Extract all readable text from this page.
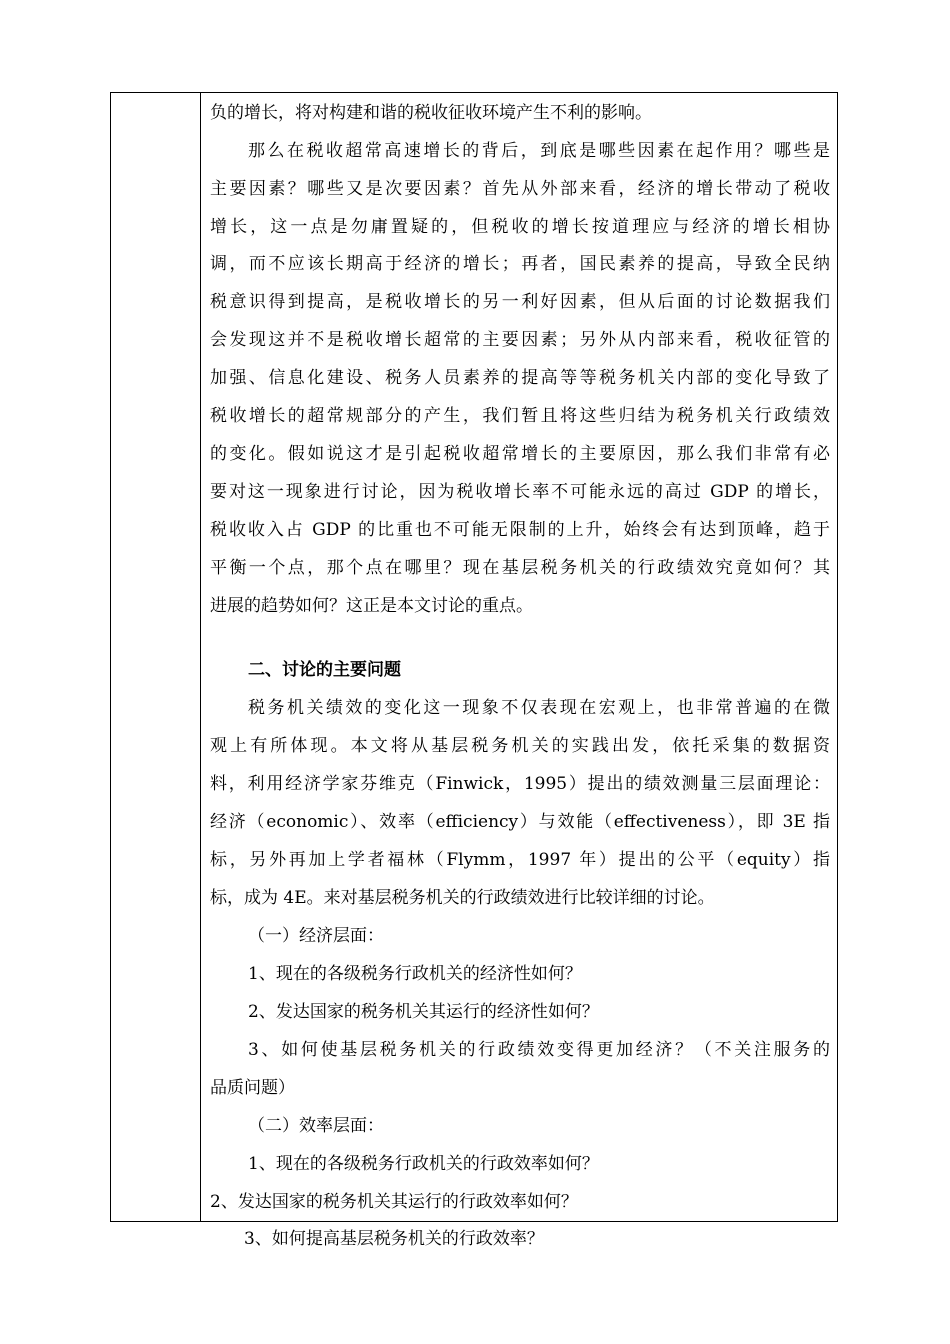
负的增长，将对构建和谐的税收征收环境产生不利的影响。
那么在税收超常高速增长的背后，到底是哪些因素在起作用？哪些是
主要因素？哪些又是次要因素？首先从外部来看，经济的增长带动了税收
增长，这一点是勿庸置疑的，但税收的增长按道理应与经济的增长相协
调，而不应该长期高于经济的增长；再者，国民素养的提高，导致全民纳
税意识得到提高，是税收增长的另一利好因素，但从后面的讨论数据我们
会发现这并不是税收增长超常的主要因素；另外从内部来看，税收征管的
加强、信息化建设、税务人员素养的提高等等税务机关内部的变化导致了
税收增长的超常规部分的产生，我们暂且将这些归结为税务机关行政绩效
的变化。假如说这才是引起税收超常增长的主要原因，那么我们非常有必
要对这一现象进行讨论，因为税收增长率不可能永远的高过 GDP 的增长，
税收收入占 GDP 的比重也不可能无限制的上升，始终会有达到顶峰，趋于
平衡一个点，那个点在哪里？现在基层税务机关的行政绩效究竟如何？其
进展的趋势如何？这正是本文讨论的重点。
二、讨论的主要问题
税务机关绩效的变化这一现象不仅表现在宏观上，也非常普遍的在微
观上有所体现。本文将从基层税务机关的实践出发，依托采集的数据资
料，利用经济学家芬维克（Finwick，1995）提出的绩效测量三层面理论：
经济（economic）、效率（efficiency）与效能（effectiveness），即 3E 指
标，另外再加上学者福林（Flymm，1997 年）提出的公平（equity）指
标，成为 4E。来对基层税务机关的行政绩效进行比较详细的讨论。
（一）经济层面：
1、现在的各级税务行政机关的经济性如何？
2、发达国家的税务机关其运行的经济性如何？
3、如何使基层税务机关的行政绩效变得更加经济？（不关注服务的
品质问题）
（二）效率层面：
1、现在的各级税务行政机关的行政效率如何？
2、发达国家的税务机关其运行的行政效率如何？
3、如何提高基层税务机关的行政效率？
